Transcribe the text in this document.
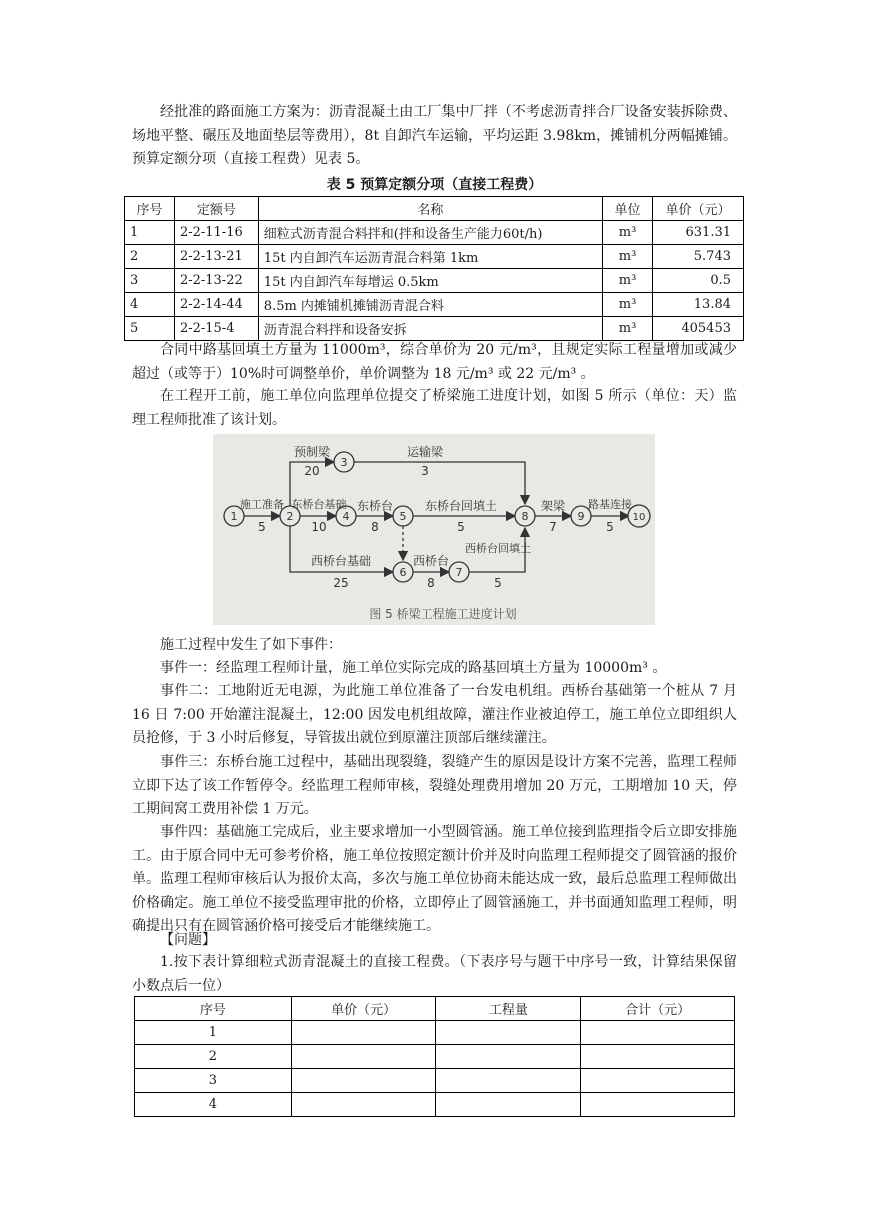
经批准的路面施工方案为：沥青混凝土由工厂集中厂拌（不考虑沥青拌合厂设备安装拆除费、场地平整、碾压及地面垫层等费用），8t 自卸汽车运输，平均运距 3.98km，摊铺机分两幅摊铺。预算定额分项（直接工程费）见表 5。

表 5 预算定额分项（直接工程费）

序号	定额号	名称	单位	单价（元）
1	2-2-11-16	细粒式沥青混合料拌和(拌和设备生产能力60t/h)	m³	631.31
2	2-2-13-21	15t 内自卸汽车运沥青混合料第 1km	m³	5.743
3	2-2-13-22	15t 内自卸汽车每增运 0.5km	m³	0.5
4	2-2-14-44	8.5m 内摊铺机摊铺沥青混合料	m³	13.84
5	2-2-15-4	沥青混合料拌和设备安拆	m³	405453

合同中路基回填土方量为 11000m³，综合单价为 20 元/m³，且规定实际工程量增加或减少超过（或等于）10%时可调整单价，单价调整为 18 元/m³ 或 22 元/m³ 。

在工程开工前，施工单位向监理单位提交了桥梁施工进度计划，如图 5 所示（单位：天）监理工程师批准了该计划。

1	2
3
4	5
6	7
8	9	10
施工准备
5
预制梁
20
运输梁
3
东桥台基础
10
东桥台
8
东桥台回填土
5
西桥台基础
25
西桥台
8
西桥台回填土
5
架梁
7
路基连接
5
图 5 桥梁工程施工进度计划

施工过程中发生了如下事件：

事件一：经监理工程师计量，施工单位实际完成的路基回填土方量为 10000m³ 。

事件二：工地附近无电源，为此施工单位准备了一台发电机组。西桥台基础第一个桩从 7 月 16 日 7:00 开始灌注混凝土，12:00 因发电机组故障，灌注作业被迫停工，施工单位立即组织人员抢修，于 3 小时后修复，导管拔出就位到原灌注顶部后继续灌注。

事件三：东桥台施工过程中，基础出现裂缝，裂缝产生的原因是设计方案不完善，监理工程师立即下达了该工作暂停令。经监理工程师审核，裂缝处理费用增加 20 万元，工期增加 10 天，停工期间窝工费用补偿 1 万元。

事件四：基础施工完成后，业主要求增加一小型圆管涵。施工单位接到监理指令后立即安排施工。由于原合同中无可参考价格，施工单位按照定额计价并及时向监理工程师提交了圆管涵的报价单。监理工程师审核后认为报价太高，多次与施工单位协商未能达成一致，最后总监理工程师做出价格确定。施工单位不接受监理审批的价格，立即停止了圆管涵施工，并书面通知监理工程师，明确提出只有在圆管涵价格可接受后才能继续施工。

【问题】

1.按下表计算细粒式沥青混凝土的直接工程费。（下表序号与题干中序号一致，计算结果保留小数点后一位）

序号	单价（元）	工程量	合计（元）
1			
2			
3			
4			
